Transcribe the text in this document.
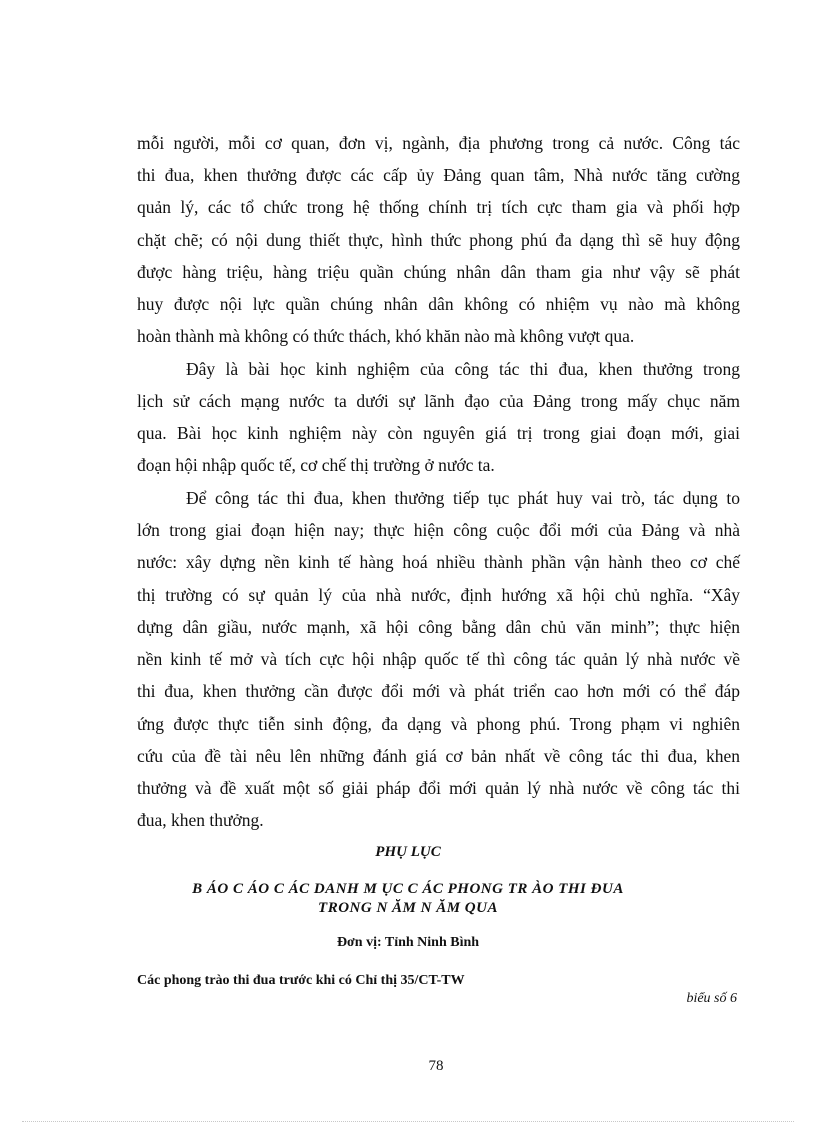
mỗi người, mỗi cơ quan, đơn vị, ngành, địa phương trong cả nước. Công tác
thi đua, khen thưởng được các cấp ủy Đảng quan tâm, Nhà nước tăng cường
quản lý, các tổ chức trong hệ thống chính trị tích cực tham gia và phối hợp
chặt chẽ; có nội dung thiết thực, hình thức phong phú đa dạng thì sẽ huy động
được hàng triệu, hàng triệu quần chúng nhân dân tham gia như vậy sẽ phát
huy được nội lực quần chúng nhân dân không có nhiệm vụ nào mà không
hoàn thành mà không có thức thách, khó khăn nào mà không vượt qua.
Đây là bài học kinh nghiệm của công tác thi đua, khen thưởng trong
lịch sử cách mạng nước ta dưới sự lãnh đạo của Đảng trong mấy chục năm
qua. Bài học kinh nghiệm này còn nguyên giá trị trong giai đoạn mới, giai
đoạn hội nhập quốc tế, cơ chế thị trường ở nước ta.
Để công tác thi đua, khen thưởng tiếp tục phát huy vai trò, tác dụng to
lớn trong giai đoạn hiện nay; thực hiện công cuộc đổi mới của Đảng và nhà
nước: xây dựng nền kinh tế hàng hoá nhiều thành phần vận hành theo cơ chế
thị trường có sự quản lý của nhà nước, định hướng xã hội chủ nghĩa. “Xây
dựng dân giầu, nước mạnh, xã hội công bằng dân chủ văn minh”; thực hiện
nền kinh tế mở và tích cực hội nhập quốc tế thì công tác quản lý nhà nước về
thi đua, khen thưởng cần được đổi mới và phát triển cao hơn mới có thể đáp
ứng được thực tiễn sinh động, đa dạng và phong phú. Trong phạm vi nghiên
cứu của đề tài nêu lên những đánh giá cơ bản nhất về công tác thi đua, khen
thưởng và đề xuất một số giải pháp đổi mới quản lý nhà nước về công tác thi
đua, khen thưởng.
PHỤ LỤC
B ÁO C ÁO C ÁC DANH M ỤC C ÁC PHONG TR ÀO THI ĐUA
TRONG N ĂM N ĂM QUA
Đơn vị: Tỉnh Ninh Bình
Các phong trào thi đua trước khi có Chỉ thị 35/CT-TW
biểu số 6
78
